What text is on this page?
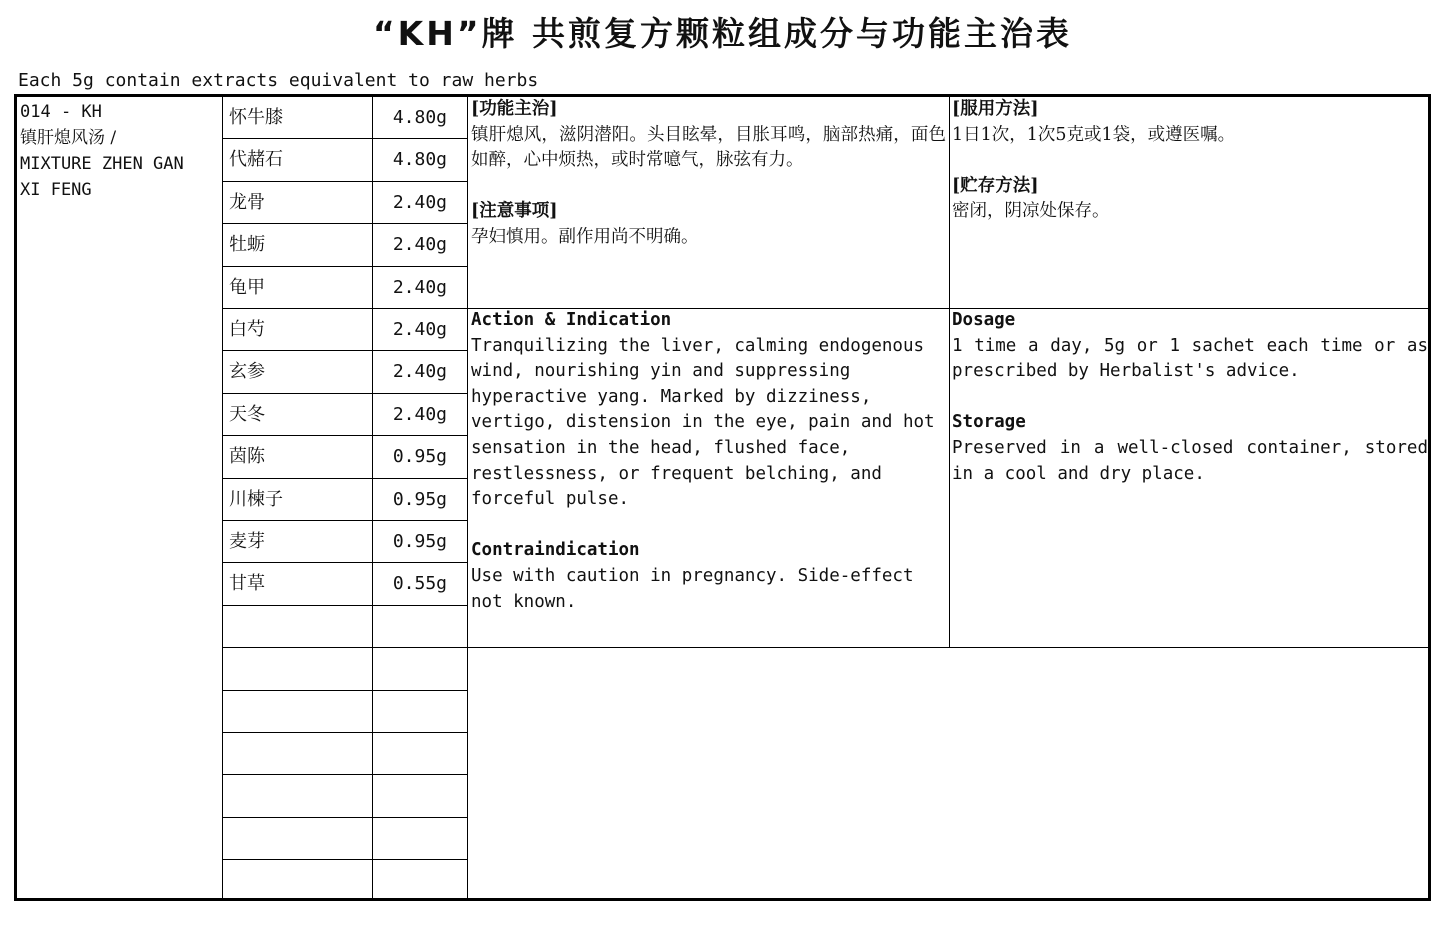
“KH”牌 共煎复方颗粒组成分与功能主治表
Each 5g contain extracts equivalent to raw herbs
014 - KH
镇肝熄风汤 /
MIXTURE ZHEN GAN
XI FENG
怀牛膝	4.80g
代赭石	4.80g
龙骨	2.40g
牡蛎	2.40g
龟甲	2.40g
白芍	2.40g
玄参	2.40g
天冬	2.40g
茵陈	0.95g
川楝子	0.95g
麦芽	0.95g
甘草	0.55g
[功能主治]
镇肝熄风，滋阴潜阳。头目眩晕，目胀耳鸣，脑部热痛，面色如醉，心中烦热，或时常噫气，脉弦有力。
[注意事项]
孕妇慎用。副作用尚不明确。
[服用方法]
1日1次，1次5克或1袋，或遵医嘱。
[贮存方法]
密闭，阴凉处保存。
Action & Indication
Tranquilizing the liver, calming endogenous wind, nourishing yin and suppressing hyperactive yang. Marked by dizziness, vertigo, distension in the eye, pain and hot sensation in the head, flushed face, restlessness, or frequent belching, and forceful pulse.
Contraindication
Use with caution in pregnancy. Side-effect not known.
Dosage
1 time a day, 5g or 1 sachet each time or as prescribed by Herbalist's advice.
Storage
Preserved in a well-closed container, stored in a cool and dry place.
